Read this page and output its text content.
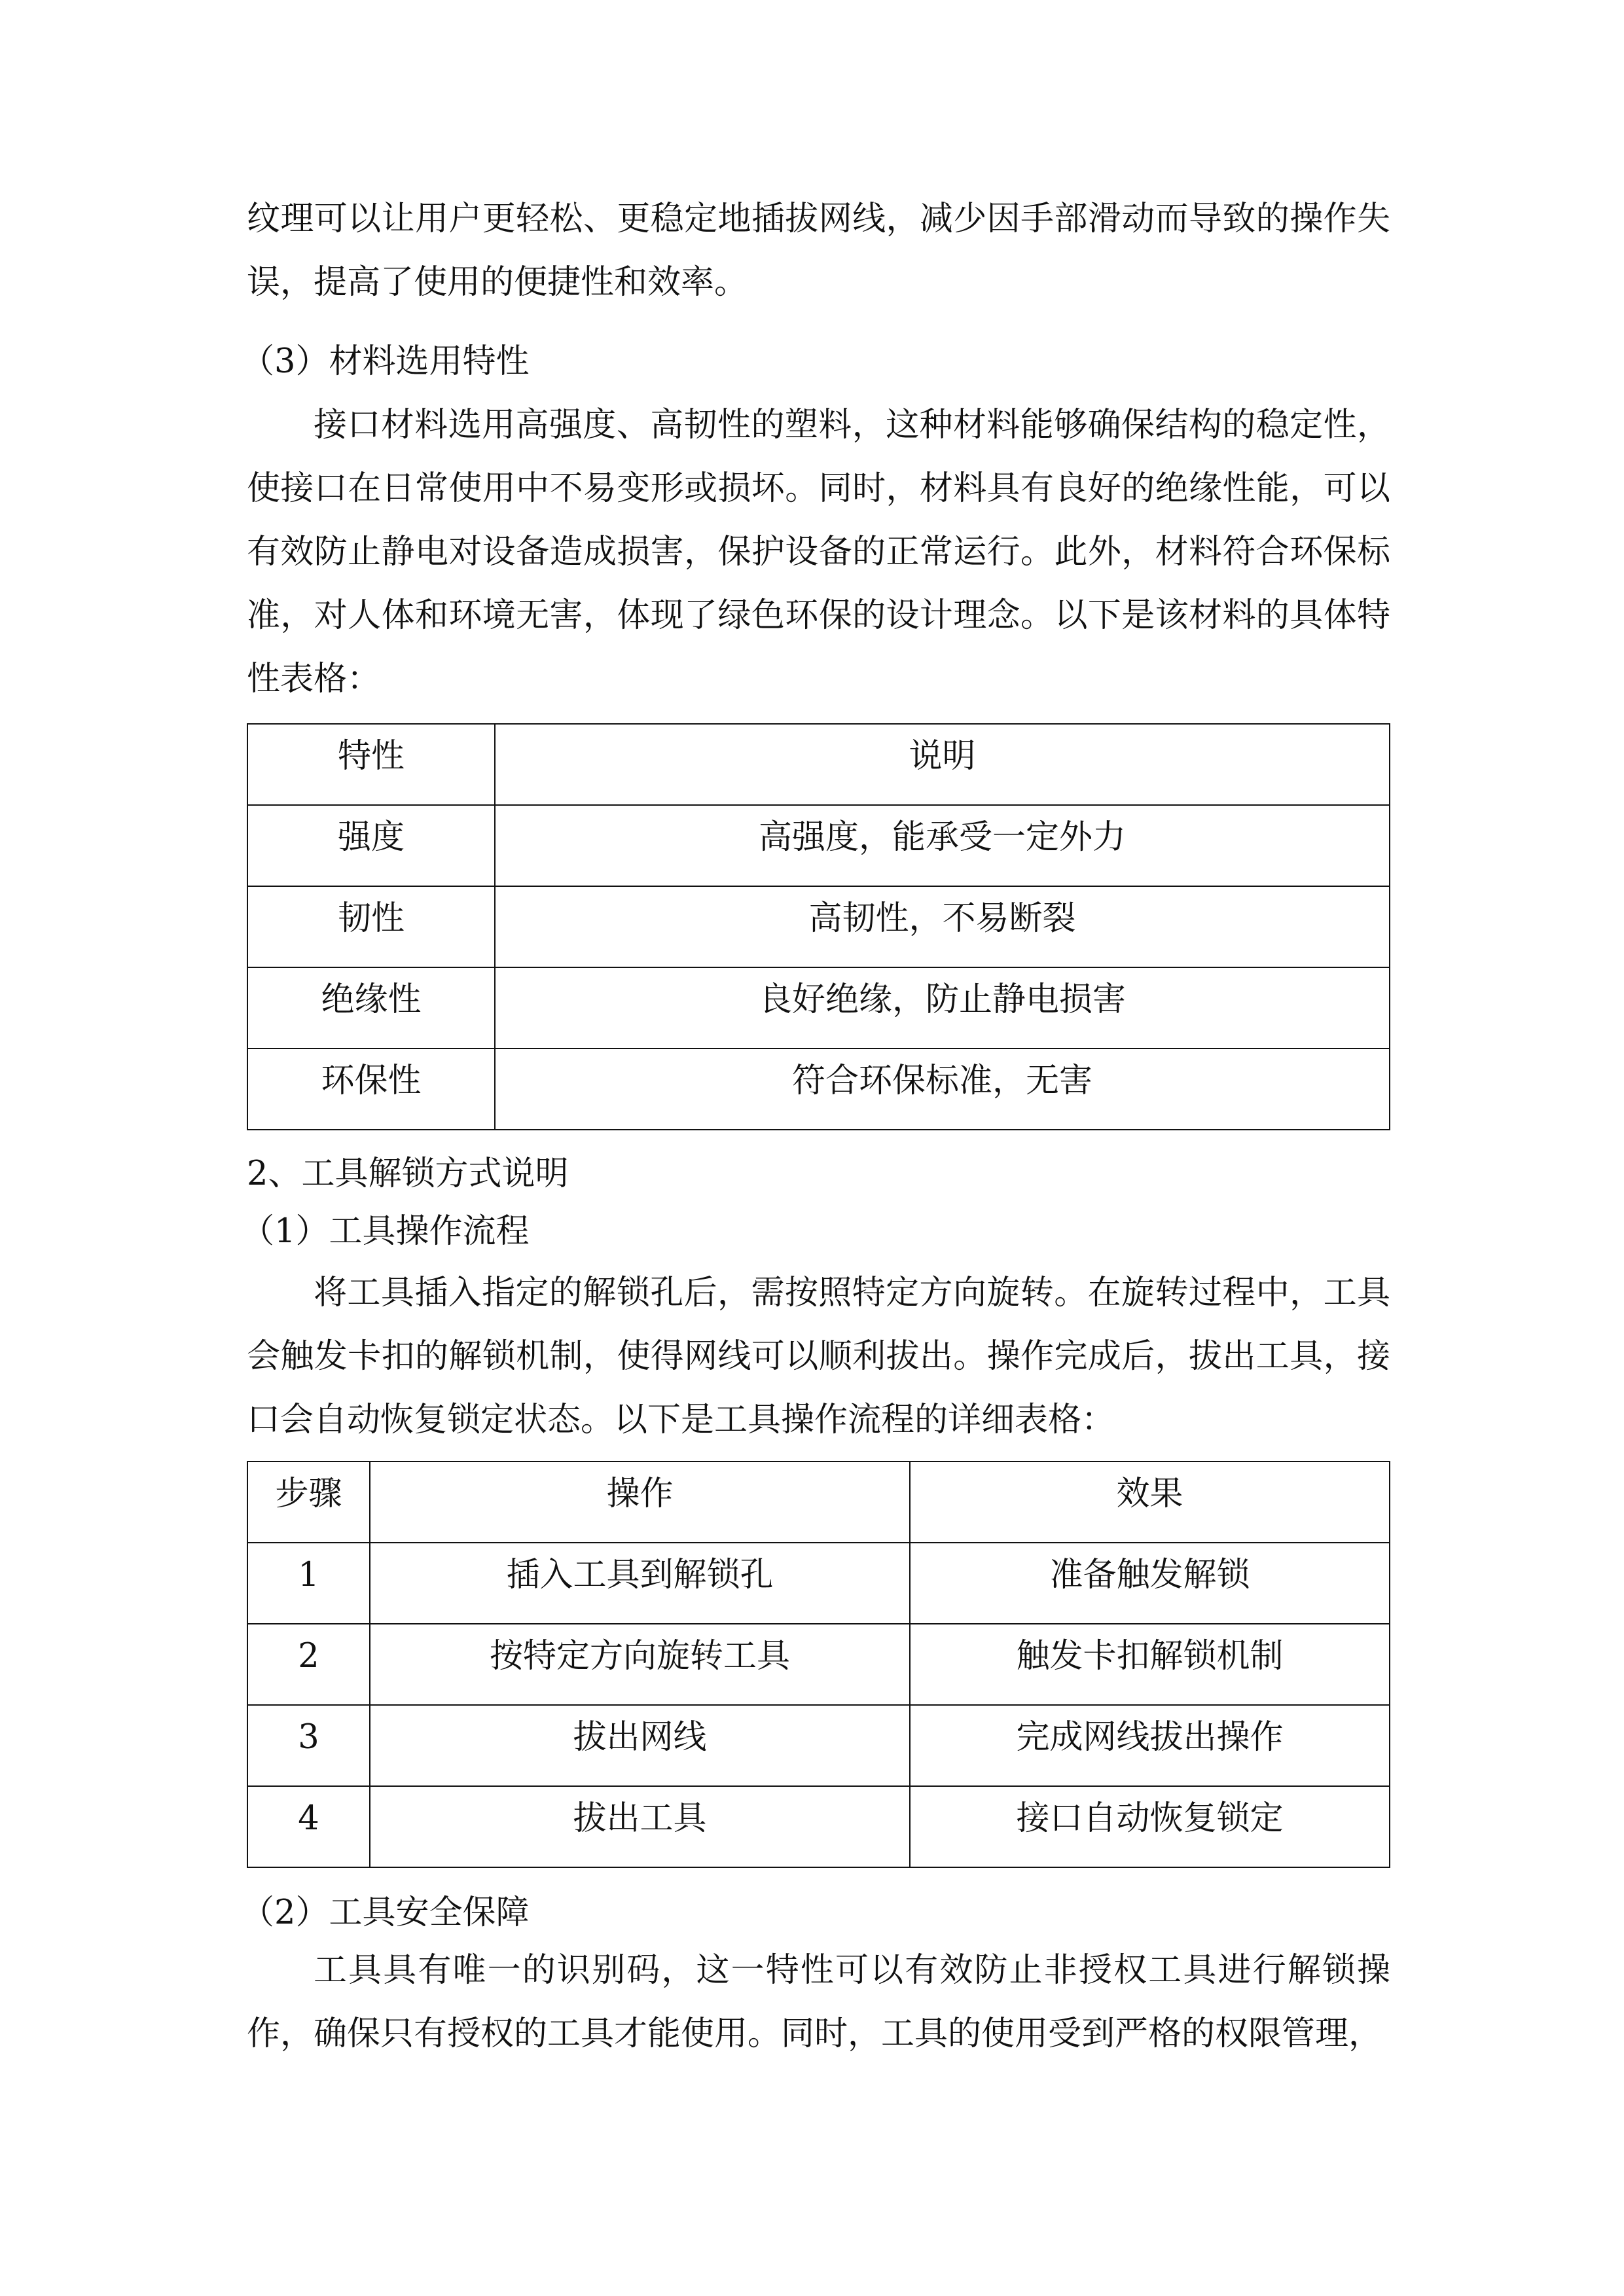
纹理可以让用户更轻松、更稳定地插拔网线，减少因手部滑动而导致的操作失误，提高了使用的便捷性和效率。
（3）材料选用特性
接口材料选用高强度、高韧性的塑料，这种材料能够确保结构的稳定性，使接口在日常使用中不易变形或损坏。同时，材料具有良好的绝缘性能，可以有效防止静电对设备造成损害，保护设备的正常运行。此外，材料符合环保标准，对人体和环境无害，体现了绿色环保的设计理念。以下是该材料的具体特性表格：
特性	说明
强度	高强度，能承受一定外力
韧性	高韧性，不易断裂
绝缘性	良好绝缘，防止静电损害
环保性	符合环保标准，无害
2、工具解锁方式说明
（1）工具操作流程
将工具插入指定的解锁孔后，需按照特定方向旋转。在旋转过程中，工具会触发卡扣的解锁机制，使得网线可以顺利拔出。操作完成后，拔出工具，接口会自动恢复锁定状态。以下是工具操作流程的详细表格：
步骤	操作	效果
1	插入工具到解锁孔	准备触发解锁
2	按特定方向旋转工具	触发卡扣解锁机制
3	拔出网线	完成网线拔出操作
4	拔出工具	接口自动恢复锁定
（2）工具安全保障
工具具有唯一的识别码，这一特性可以有效防止非授权工具进行解锁操作，确保只有授权的工具才能使用。同时，工具的使用受到严格的权限管理，
